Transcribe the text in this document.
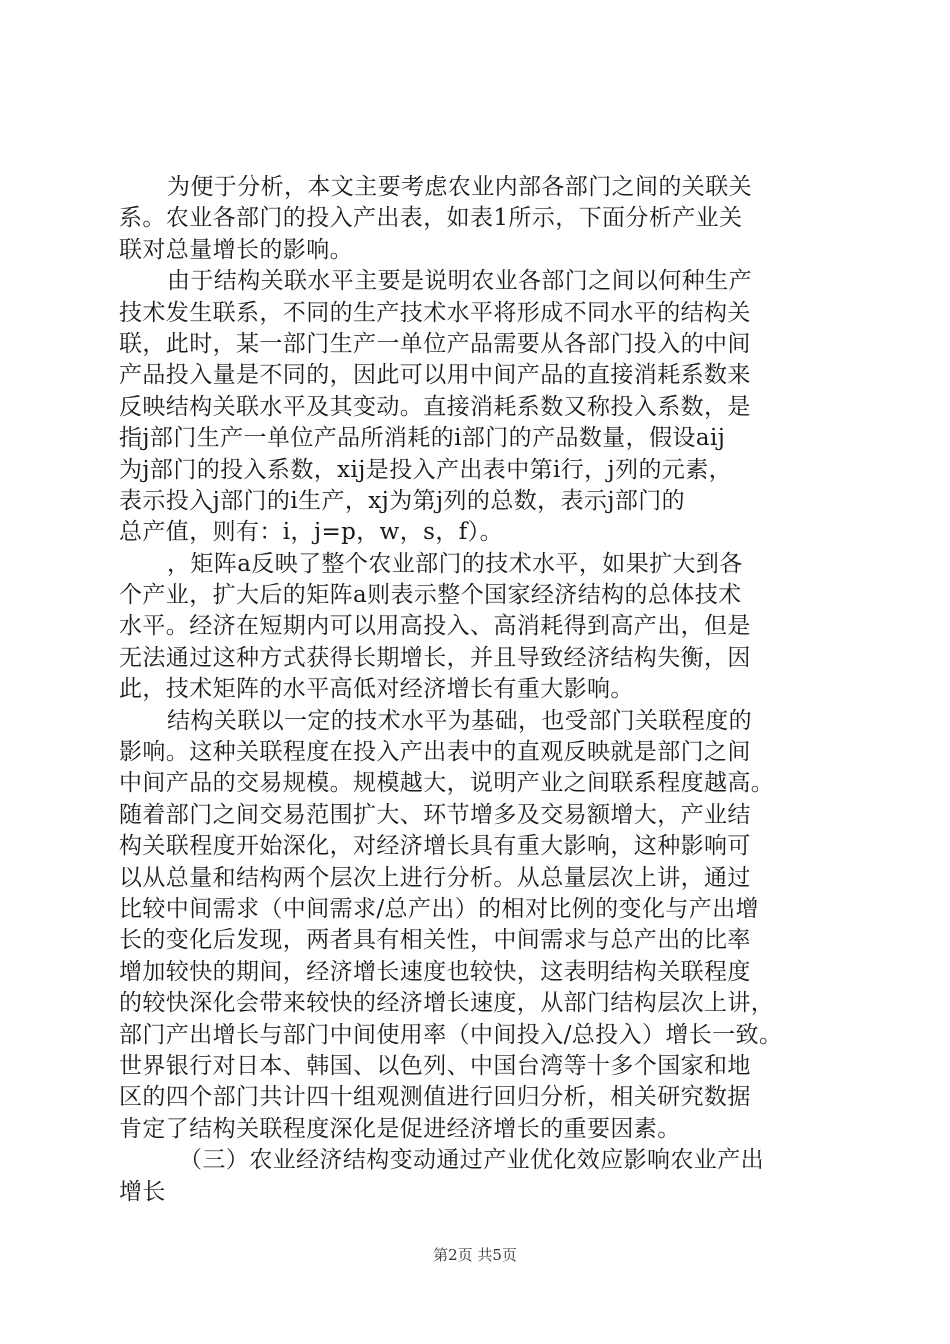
为便于分析，本文主要考虑农业内部各部门之间的关联关
系。农业各部门的投入产出表，如表1所示，下面分析产业关
联对总量增长的影响。
由于结构关联水平主要是说明农业各部门之间以何种生产
技术发生联系，不同的生产技术水平将形成不同水平的结构关
联，此时，某一部门生产一单位产品需要从各部门投入的中间
产品投入量是不同的，因此可以用中间产品的直接消耗系数来
反映结构关联水平及其变动。直接消耗系数又称投入系数，是
指j部门生产一单位产品所消耗的i部门的产品数量，假设aij
为j部门的投入系数，xij是投入产出表中第i行，j列的元素，
表示投入j部门的i生产，xj为第j列的总数，表示j部门的
总产值，则有：i，j=p，w，s，f）。
，矩阵a反映了整个农业部门的技术水平，如果扩大到各
个产业，扩大后的矩阵a则表示整个国家经济结构的总体技术
水平。经济在短期内可以用高投入、高消耗得到高产出，但是
无法通过这种方式获得长期增长，并且导致经济结构失衡，因
此，技术矩阵的水平高低对经济增长有重大影响。
结构关联以一定的技术水平为基础，也受部门关联程度的
影响。这种关联程度在投入产出表中的直观反映就是部门之间
中间产品的交易规模。规模越大，说明产业之间联系程度越高。
随着部门之间交易范围扩大、环节增多及交易额增大，产业结
构关联程度开始深化，对经济增长具有重大影响，这种影响可
以从总量和结构两个层次上进行分析。从总量层次上讲，通过
比较中间需求（中间需求/总产出）的相对比例的变化与产出增
长的变化后发现，两者具有相关性，中间需求与总产出的比率
增加较快的期间，经济增长速度也较快，这表明结构关联程度
的较快深化会带来较快的经济增长速度，从部门结构层次上讲，
部门产出增长与部门中间使用率（中间投入/总投入）增长一致。
世界银行对日本、韩国、以色列、中国台湾等十多个国家和地
区的四个部门共计四十组观测值进行回归分析，相关研究数据
肯定了结构关联程度深化是促进经济增长的重要因素。
（三）农业经济结构变动通过产业优化效应影响农业产出
增长
第2页 共5页
